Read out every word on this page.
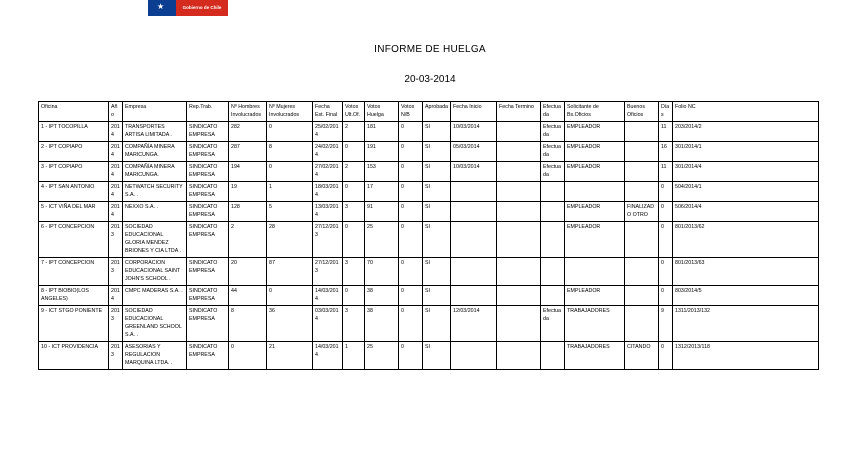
★	Gobierno de Chile
INFORME DE HUELGA
20-03-2014
Oficina	Año	Empresa	Rep.Trab.	Nº Hombres Involucrados	Nº Mujeres Involucrados	Fecha Est. Final	Votos Ult.Of.	Votos Huelga	Votos N/B	Aprobada	Fecha Inicio	Fecha Termino	Efectuada	Solicitante de Bs.Oficios	Buenos Oficios	Días	Folio NC
1 - IPT TOCOPILLA	2014	TRANSPORTES ARTISA LIMITADA .	SINDICATO EMPRESA	282	0	25/02/2014	2	181	0	SI	10/03/2014		Efectuada	EMPLEADOR		11	203/2014/2
2 - IPT COPIAPO	2014	COMPAÑÍA MINERA MARICUNGA.	SINDICATO EMPRESA	287	8	24/02/2014	0	191	0	SI	05/03/2014		Efectuada	EMPLEADOR		16	301/2014/1
3 - IPT COPIAPO	2014	COMPAÑÍA MINERA MARICUNGA.	SINDICATO EMPRESA	194	0	27/02/2014	2	153	0	SI	10/03/2014		Efectuada	EMPLEADOR		11	301/2014/4
4 - IPT SAN ANTONIO	2014	NETWATCH SECURITY S.A. .	SINDICATO EMPRESA	19	1	18/03/2014	0	17	0	SI						0	504/2014/1
5 - ICT VIÑA DEL MAR	2014	NEXXO S.A. .	SINDICATO EMPRESA	128	5	13/03/2014	3	91	0	SI				EMPLEADOR	FINALIZADO OTRO	0	506/2014/4
6 - IPT CONCEPCION	2013	SOCIEDAD EDUCACIONAL GLORIA MENDEZ BRIONES Y CIA LTDA .	SINDICATO EMPRESA	2	28	27/12/2013	0	25	0	SI				EMPLEADOR		0	801/2013/62
7 - IPT CONCEPCION	2013	CORPORACION EDUCACIONAL SAINT JOHN'S SCHOOL .	SINDICATO EMPRESA	20	87	27/12/2013	3	70	0	SI						0	801/2013/63
8 - IPT BIOBIO(LOS ANGELES)	2014	CMPC MADERAS S.A. .	SINDICATO EMPRESA	44	0	14/03/2014	0	38	0	SI				EMPLEADOR		0	803/2014/5
9 - ICT STGO PONIENTE	2013	SOCIEDAD EDUCACIONAL GREENLAND SCHOOL S.A. .	SINDICATO EMPRESA	8	36	03/03/2014	3	38	0	SI	12/03/2014		Efectuada	TRABAJADORES		9	1311/2013/132
10 - ICT PROVIDENCIA	2013	ASESORIAS Y REGULACION MARQUINA LTDA. .	SINDICATO EMPRESA	0	21	14/03/2014	1	25	0	SI				TRABAJADORES	CITANDO	0	1312/2013/118
